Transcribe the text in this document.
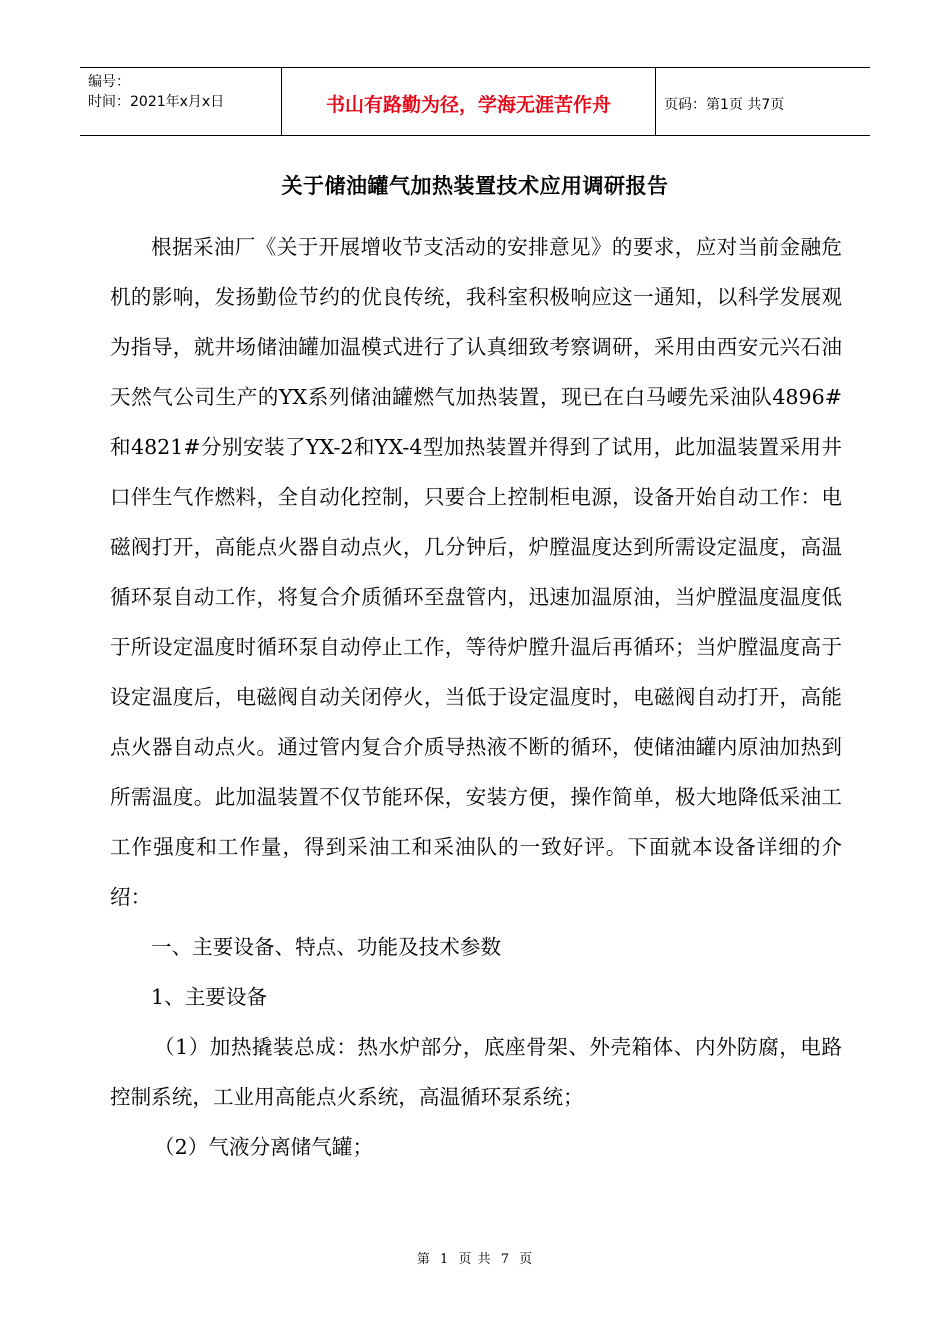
编号：
时间：2021年x月x日	书山有路勤为径，学海无涯苦作舟	页码：第1页 共7页
关于储油罐气加热装置技术应用调研报告

根据采油厂《关于开展增收节支活动的安排意见》的要求，应对当前金融危机的影响，发扬勤俭节约的优良传统，我科室积极响应这一通知，以科学发展观为指导，就井场储油罐加温模式进行了认真细致考察调研，采用由西安元兴石油天然气公司生产的YX系列储油罐燃气加热装置，现已在白马崾先采油队4896#和4821#分别安装了YX-2和YX-4型加热装置并得到了试用，此加温装置采用井口伴生气作燃料，全自动化控制，只要合上控制柜电源，设备开始自动工作：电磁阀打开，高能点火器自动点火，几分钟后，炉膛温度达到所需设定温度，高温循环泵自动工作，将复合介质循环至盘管内，迅速加温原油，当炉膛温度温度低于所设定温度时循环泵自动停止工作，等待炉膛升温后再循环；当炉膛温度高于设定温度后，电磁阀自动关闭停火，当低于设定温度时，电磁阀自动打开，高能点火器自动点火。通过管内复合介质导热液不断的循环，使储油罐内原油加热到所需温度。此加温装置不仅节能环保，安装方便，操作简单，极大地降低采油工工作强度和工作量，得到采油工和采油队的一致好评。下面就本设备详细的介绍：

一、主要设备、特点、功能及技术参数

1、主要设备

（1）加热撬装总成：热水炉部分，底座骨架、外壳箱体、内外防腐，电路控制系统，工业用高能点火系统，高温循环泵系统；

（2）气液分离储气罐；

第 1 页 共 7 页
